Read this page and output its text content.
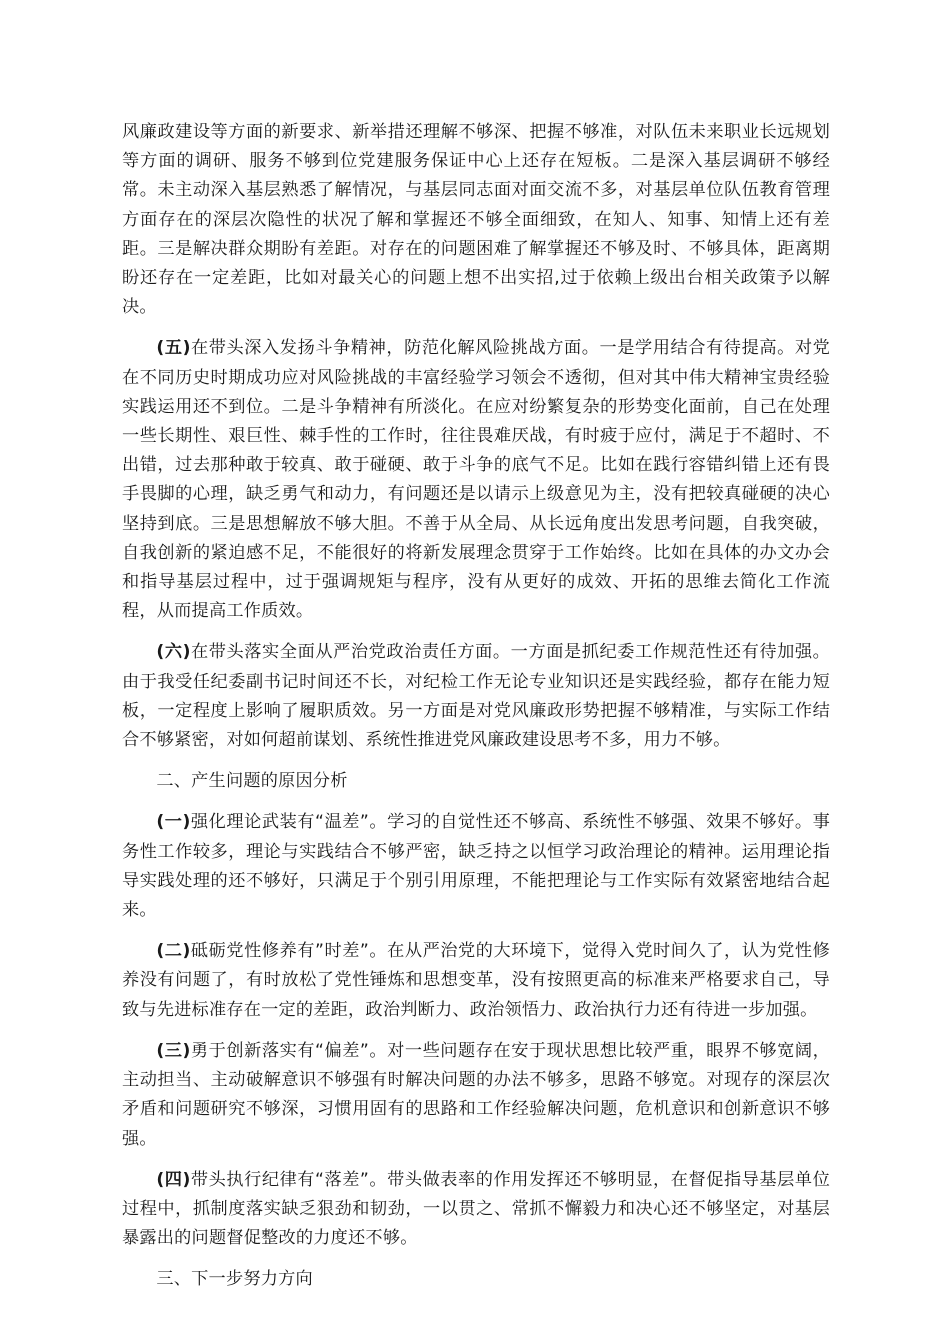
风廉政建设等方面的新要求、新举措还理解不够深、把握不够准，对队伍未来职业长远规划等方面的调研、服务不够到位党建服务保证中心上还存在短板。二是深入基层调研不够经常。未主动深入基层熟悉了解情况，与基层同志面对面交流不多，对基层单位队伍教育管理方面存在的深层次隐性的状况了解和掌握还不够全面细致，在知人、知事、知情上还有差距。三是解决群众期盼有差距。对存在的问题困难了解掌握还不够及时、不够具体，距离期盼还存在一定差距，比如对最关心的问题上想不出实招,过于依赖上级出台相关政策予以解决。

(五)在带头深入发扬斗争精神，防范化解风险挑战方面。一是学用结合有待提高。对党在不同历史时期成功应对风险挑战的丰富经验学习领会不透彻，但对其中伟大精神宝贵经验实践运用还不到位。二是斗争精神有所淡化。在应对纷繁复杂的形势变化面前，自己在处理一些长期性、艰巨性、棘手性的工作时，往往畏难厌战，有时疲于应付，满足于不超时、不出错，过去那种敢于较真、敢于碰硬、敢于斗争的底气不足。比如在践行容错纠错上还有畏手畏脚的心理，缺乏勇气和动力，有问题还是以请示上级意见为主，没有把较真碰硬的决心坚持到底。三是思想解放不够大胆。不善于从全局、从长远角度出发思考问题，自我突破，自我创新的紧迫感不足，不能很好的将新发展理念贯穿于工作始终。比如在具体的办文办会和指导基层过程中，过于强调规矩与程序，没有从更好的成效、开拓的思维去简化工作流程，从而提高工作质效。

(六)在带头落实全面从严治党政治责任方面。一方面是抓纪委工作规范性还有待加强。由于我受任纪委副书记时间还不长，对纪检工作无论专业知识还是实践经验，都存在能力短板，一定程度上影响了履职质效。另一方面是对党风廉政形势把握不够精准，与实际工作结合不够紧密，对如何超前谋划、系统性推进党风廉政建设思考不多，用力不够。

二、产生问题的原因分析

(一)强化理论武装有“温差”。学习的自觉性还不够高、系统性不够强、效果不够好。事务性工作较多，理论与实践结合不够严密，缺乏持之以恒学习政治理论的精神。运用理论指导实践处理的还不够好，只满足于个别引用原理，不能把理论与工作实际有效紧密地结合起来。

(二)砥砺党性修养有”时差”。在从严治党的大环境下，觉得入党时间久了，认为党性修养没有问题了，有时放松了党性锤炼和思想变革，没有按照更高的标准来严格要求自己，导致与先进标准存在一定的差距，政治判断力、政治领悟力、政治执行力还有待进一步加强。

(三)勇于创新落实有“偏差”。对一些问题存在安于现状思想比较严重，眼界不够宽阔，主动担当、主动破解意识不够强有时解决问题的办法不够多，思路不够宽。对现存的深层次矛盾和问题研究不够深，习惯用固有的思路和工作经验解决问题，危机意识和创新意识不够强。

(四)带头执行纪律有“落差”。带头做表率的作用发挥还不够明显，在督促指导基层单位过程中，抓制度落实缺乏狠劲和韧劲，一以贯之、常抓不懈毅力和决心还不够坚定，对基层暴露出的问题督促整改的力度还不够。

三、下一步努力方向
